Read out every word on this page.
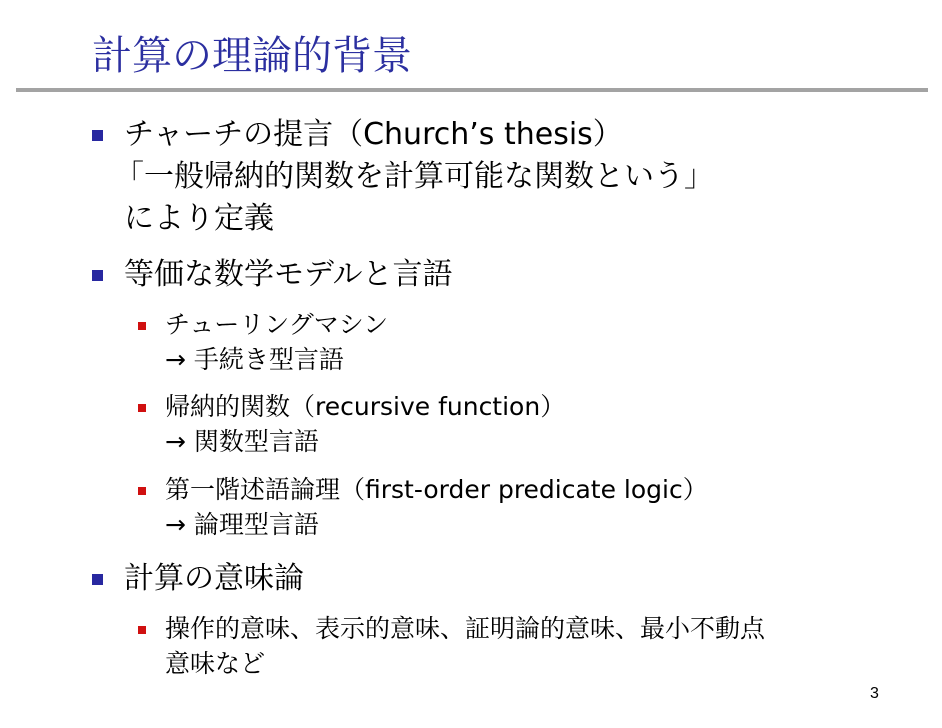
計算の理論的背景
チャーチの提言（Church’s thesis）
「一般帰納的関数を計算可能な関数という」
により定義
等価な数学モデルと言語
チューリングマシン
→ 手続き型言語
帰納的関数（recursive function）
→ 関数型言語
第一階述語論理（first-order predicate logic）
→ 論理型言語
計算の意味論
操作的意味、表示的意味、証明論的意味、最小不動点
意味など
3
